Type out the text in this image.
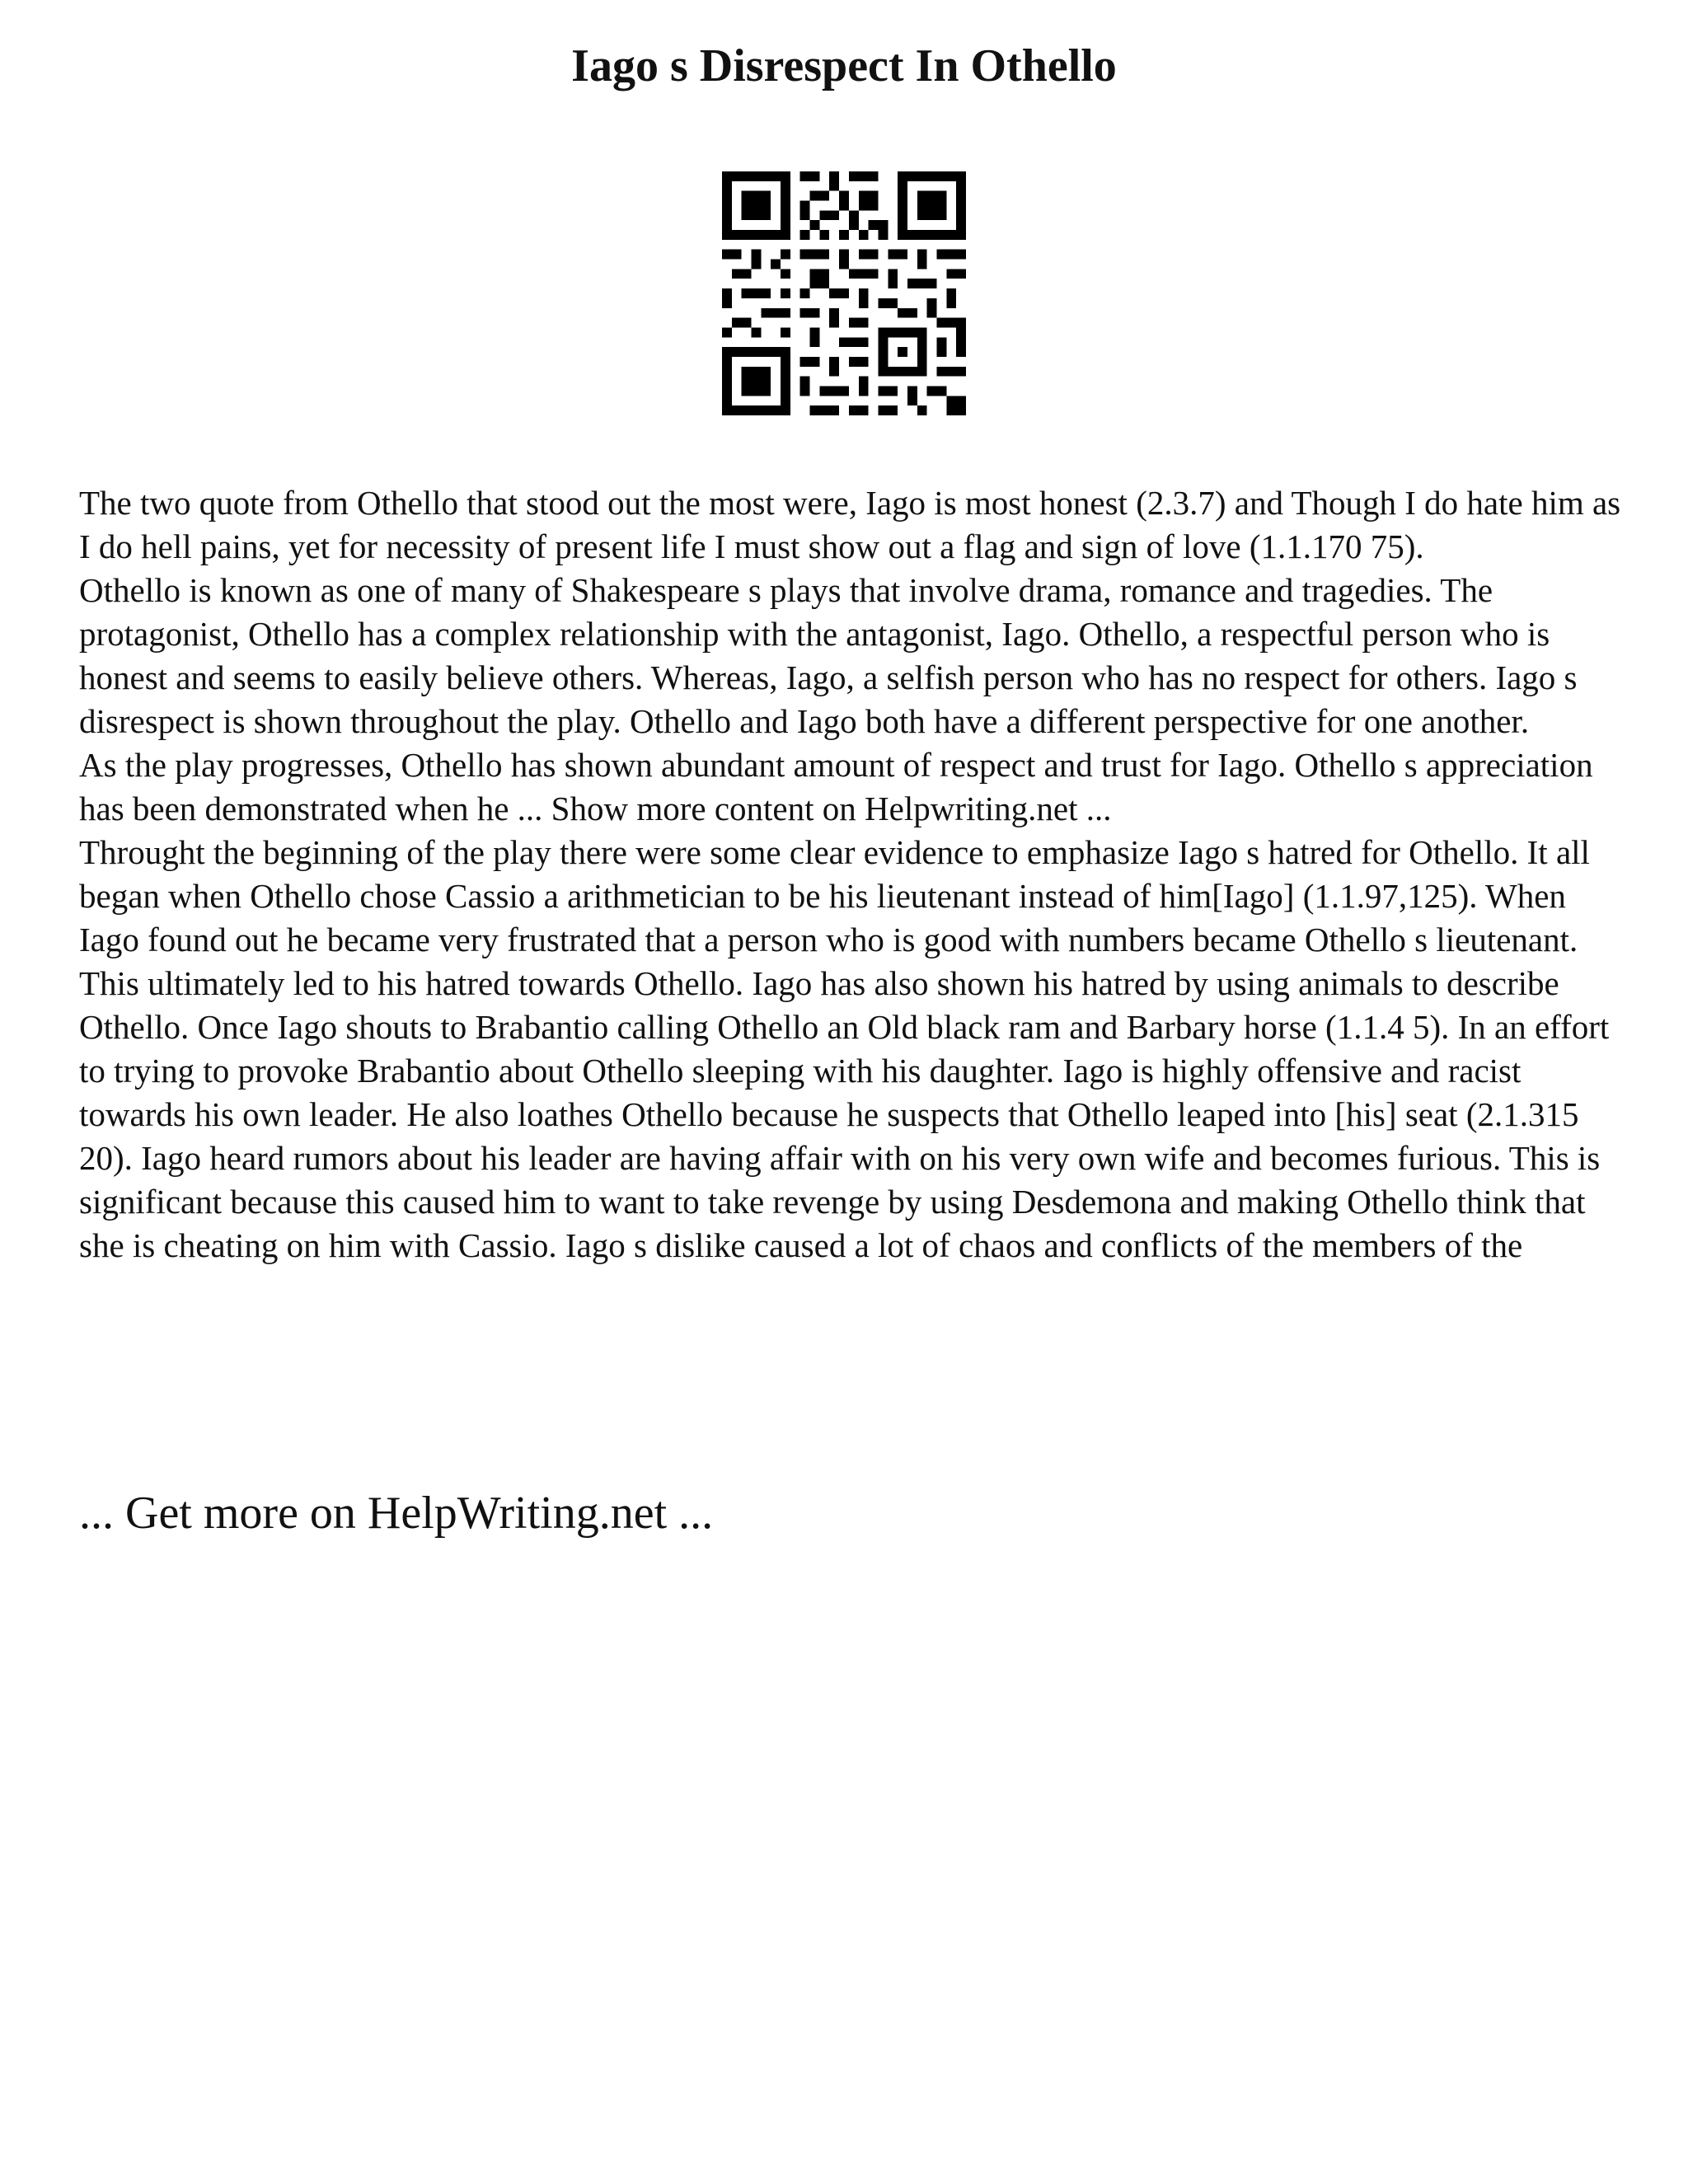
Iago s Disrespect In Othello

The two quote from Othello that stood out the most were, Iago is most honest (2.3.7) and Though I do hate him as I do hell pains, yet for necessity of present life I must show out a flag and sign of love (1.1.170 75).

Othello is known as one of many of Shakespeare s plays that involve drama, romance and tragedies. The protagonist, Othello has a complex relationship with the antagonist, Iago. Othello, a respectful person who is honest and seems to easily believe others. Whereas, Iago, a selfish person who has no respect for others. Iago s disrespect is shown throughout the play. Othello and Iago both have a different perspective for one another.

As the play progresses, Othello has shown abundant amount of respect and trust for Iago. Othello s appreciation has been demonstrated when he ... Show more content on Helpwriting.net ...

Throught the beginning of the play there were some clear evidence to emphasize Iago s hatred for Othello. It all began when Othello chose Cassio a arithmetician to be his lieutenant instead of him[Iago] (1.1.97,125). When Iago found out he became very frustrated that a person who is good with numbers became Othello s lieutenant. This ultimately led to his hatred towards Othello. Iago has also shown his hatred by using animals to describe Othello. Once Iago shouts to Brabantio calling Othello an Old black ram and Barbary horse (1.1.4 5). In an effort to trying to provoke Brabantio about Othello sleeping with his daughter. Iago is highly offensive and racist towards his own leader. He also loathes Othello because he suspects that Othello leaped into [his] seat (2.1.315 20). Iago heard rumors about his leader are having affair with on his very own wife and becomes furious. This is significant because this caused him to want to take revenge by using Desdemona and making Othello think that she is cheating on him with Cassio. Iago s dislike caused a lot of chaos and conflicts of the members of the

... Get more on HelpWriting.net ...
